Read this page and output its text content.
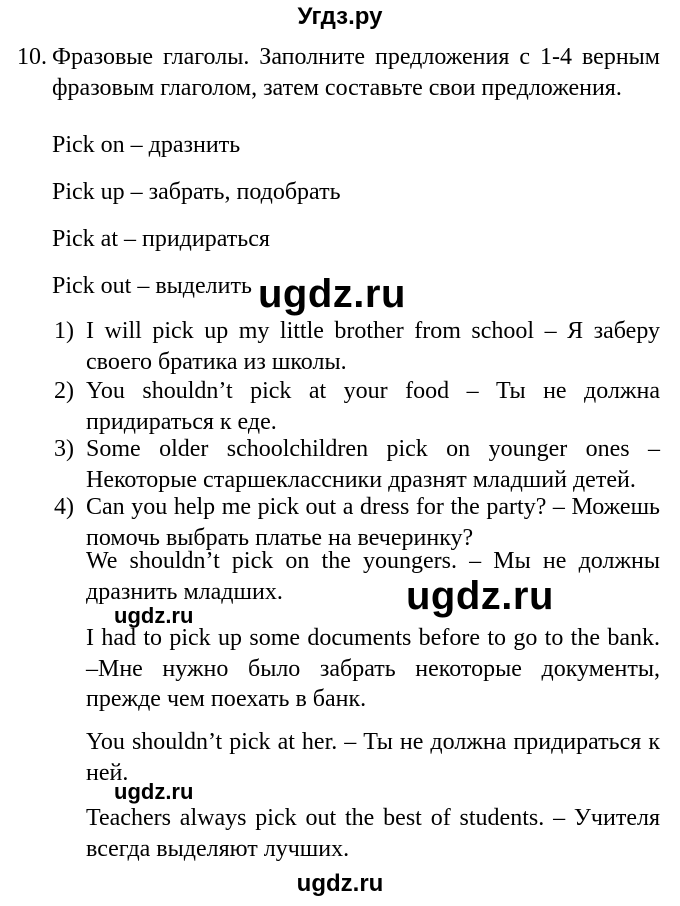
Угдз.ру
10. Фразовые глаголы. Заполните предложения с 1-4 верным фразовым глаголом, затем составьте свои предложения.

Pick on – дразнить

Pick up – забрать, подобрать

Pick at – придираться

Pick out – выделить ugdz.ru
1) I will pick up my little brother from school – Я заберу своего братика из школы.

2) You shouldn’t pick at your food – Ты не должна придираться к еде.

3) Some older schoolchildren pick on younger ones – Некоторые старшеклассники дразнят младший детей.

4) Can you help me pick out a dress for the party? – Можешь помочь выбрать платье на вечеринку?

We shouldn’t pick on the youngers. – Мы не должны дразнить младших.	ugdz.ru
ugdz.ru

I had to pick up some documents before to go to the bank. –Мне нужно было забрать некоторые документы, прежде чем поехать в банк.

You shouldn’t pick at her. – Ты не должна придираться к ней.

ugdz.ru

Teachers always pick out the best of students. – Учителя всегда выделяют лучших.

ugdz.ru
